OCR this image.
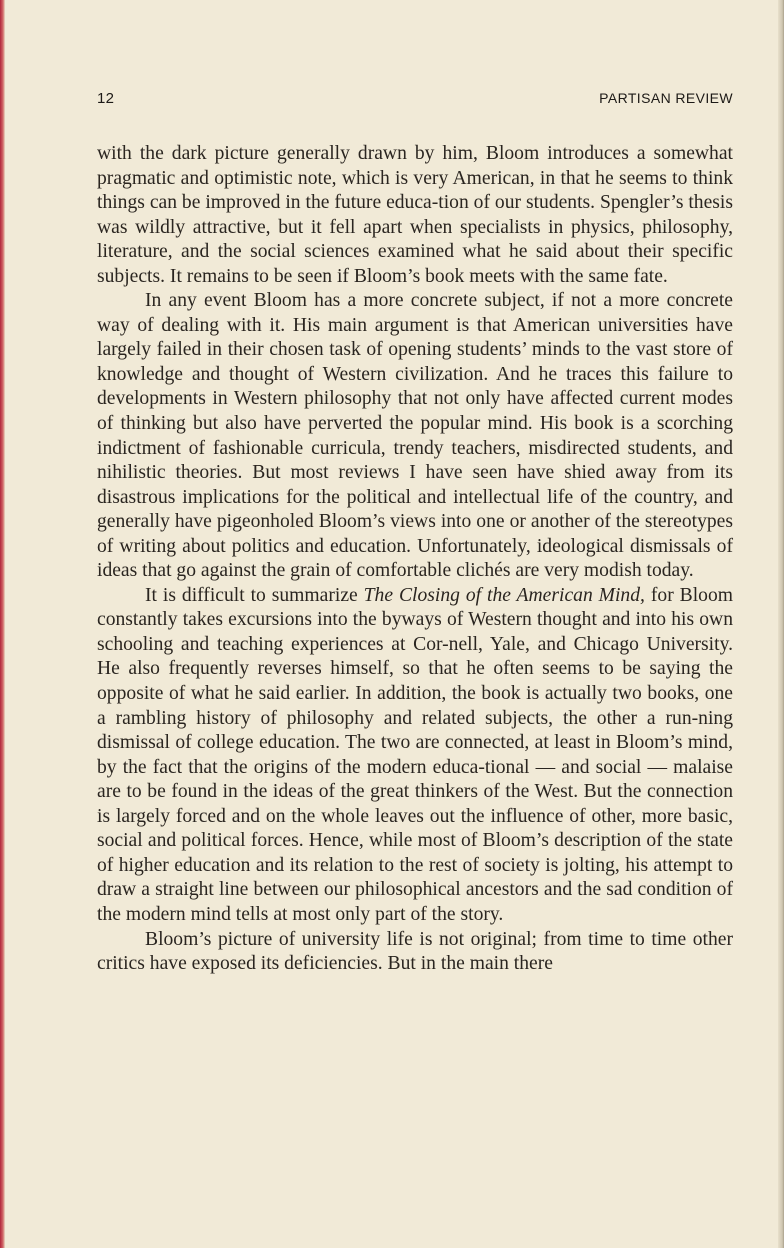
12	PARTISAN REVIEW

with the dark picture generally drawn by him, Bloom introduces a somewhat pragmatic and optimistic note, which is very American, in that he seems to think things can be improved in the future educa-tion of our students. Spengler’s thesis was wildly attractive, but it fell apart when specialists in physics, philosophy, literature, and the social sciences examined what he said about their specific subjects. It remains to be seen if Bloom’s book meets with the same fate.

In any event Bloom has a more concrete subject, if not a more concrete way of dealing with it. His main argument is that American universities have largely failed in their chosen task of opening students’ minds to the vast store of knowledge and thought of Western civilization. And he traces this failure to developments in Western philosophy that not only have affected current modes of thinking but also have perverted the popular mind. His book is a scorching indictment of fashionable curricula, trendy teachers, misdirected students, and nihilistic theories. But most reviews I have seen have shied away from its disastrous implications for the political and intellectual life of the country, and generally have pigeonholed Bloom’s views into one or another of the stereotypes of writing about politics and education. Unfortunately, ideological dismissals of ideas that go against the grain of comfortable clichés are very modish today.

It is difficult to summarize The Closing of the American Mind, for Bloom constantly takes excursions into the byways of Western thought and into his own schooling and teaching experiences at Cor-nell, Yale, and Chicago University. He also frequently reverses himself, so that he often seems to be saying the opposite of what he said earlier. In addition, the book is actually two books, one a rambling history of philosophy and related subjects, the other a run-ning dismissal of college education. The two are connected, at least in Bloom’s mind, by the fact that the origins of the modern educa-tional — and social — malaise are to be found in the ideas of the great thinkers of the West. But the connection is largely forced and on the whole leaves out the influence of other, more basic, social and political forces. Hence, while most of Bloom’s description of the state of higher education and its relation to the rest of society is jolting, his attempt to draw a straight line between our philosophical ancestors and the sad condition of the modern mind tells at most only part of the story.

Bloom’s picture of university life is not original; from time to time other critics have exposed its deficiencies. But in the main there
